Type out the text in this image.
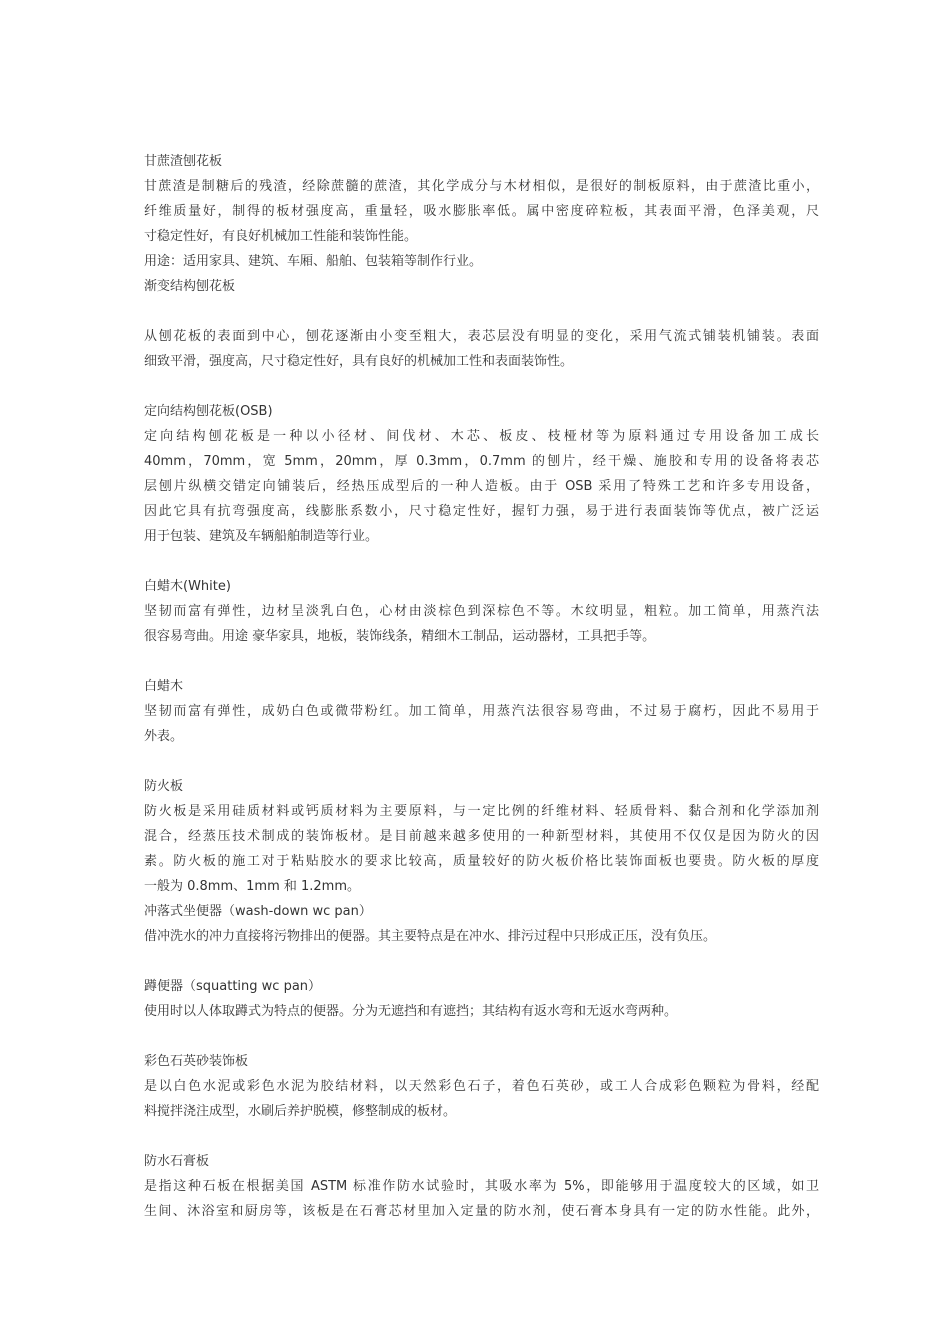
甘蔗渣刨花板
甘蔗渣是制糖后的残渣，经除蔗髓的蔗渣，其化学成分与木材相似，是很好的制板原料，由于蔗渣比重小，
纤维质量好，制得的板材强度高，重量轻，吸水膨胀率低。属中密度碎粒板，其表面平滑，色泽美观，尺
寸稳定性好，有良好机械加工性能和装饰性能。
用途：适用家具、建筑、车厢、船舶、包装箱等制作行业。
渐变结构刨花板
从刨花板的表面到中心，刨花逐渐由小变至粗大，表芯层没有明显的变化，采用气流式铺装机铺装。表面
细致平滑，强度高，尺寸稳定性好，具有良好的机械加工性和表面装饰性。
定向结构刨花板(OSB)
定向结构刨花板是一种以小径材、间伐材、木芯、板皮、枝桠材等为原料通过专用设备加工成长
40mm，70mm，宽 5mm，20mm，厚 0.3mm，0.7mm 的刨片，经干燥、施胶和专用的设备将表芯
层刨片纵横交错定向铺装后，经热压成型后的一种人造板。由于 OSB 采用了特殊工艺和许多专用设备，
因此它具有抗弯强度高，线膨胀系数小，尺寸稳定性好，握钉力强，易于进行表面装饰等优点，被广泛运
用于包装、建筑及车辆船舶制造等行业。
白蜡木(White)
坚韧而富有弹性，边材呈淡乳白色，心材由淡棕色到深棕色不等。木纹明显，粗粒。加工简单，用蒸汽法
很容易弯曲。用途 豪华家具，地板，装饰线条，精细木工制品，运动器材，工具把手等。
白蜡木
坚韧而富有弹性，成奶白色或微带粉红。加工简单，用蒸汽法很容易弯曲，不过易于腐朽，因此不易用于
外表。
防火板
防火板是采用硅质材料或钙质材料为主要原料，与一定比例的纤维材料、轻质骨料、黏合剂和化学添加剂
混合，经蒸压技术制成的装饰板材。是目前越来越多使用的一种新型材料，其使用不仅仅是因为防火的因
素。防火板的施工对于粘贴胶水的要求比较高，质量较好的防火板价格比装饰面板也要贵。防火板的厚度
一般为 0.8mm、1mm 和 1.2mm。
冲落式坐便器（wash-down wc pan）
借冲洗水的冲力直接将污物排出的便器。其主要特点是在冲水、排污过程中只形成正压，没有负压。
蹲便器（squatting wc pan）
使用时以人体取蹲式为特点的便器。分为无遮挡和有遮挡；其结构有返水弯和无返水弯两种。
彩色石英砂装饰板
是以白色水泥或彩色水泥为胶结材料，以天然彩色石子，着色石英砂，或工人合成彩色颗粒为骨料，经配
料搅拌浇注成型，水刷后养护脱模，修整制成的板材。
防水石膏板
是指这种石板在根据美国 ASTM 标准作防水试验时，其吸水率为 5%，即能够用于温度较大的区域，如卫
生间、沐浴室和厨房等，该板是在石膏芯材里加入定量的防水剂，使石膏本身具有一定的防水性能。此外，
